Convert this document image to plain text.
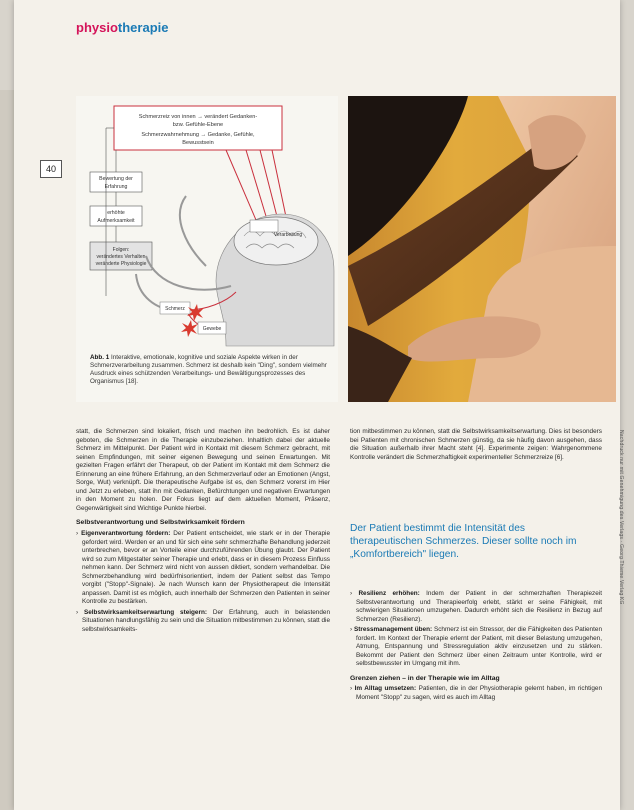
physiotherapie
40
Schmerzreiz von innen → verändert Gedanken-
bzw. Gefühle-Ebene
Schmerzwahrnehmung → Gedanke, Gefühle,
Bewusstsein
Bewertung der
Erfahrung
erhöhte
Aufmerksamkeit
Folgen:
verändertes Verhalten
veränderte Physiologie
Verarbeitung
Schmerz
Gewebe
Abb. 1 Interaktive, emotionale, kognitive und soziale Aspekte wirken in der Schmerzverarbeitung zusammen. Schmerz ist deshalb kein "Ding", sondern vielmehr Ausdruck eines schützenden Verarbeitungs- und Bewältigungsprozesses des Organismus [18].

statt, die Schmerzen sind lokaliert, frisch und machen ihn bedrohlich. Es ist daher geboten, die Schmerzen in die Therapie einzubeziehen. Inhaltlich dabei der aktuelle Schmerz im Mittelpunkt. Der Patient wird in Kontakt mit diesem Schmerz gebracht, mit seinen Empfindungen, mit seiner eigenen Bewegung und seinen Erwartungen. Mit gezielten Fragen erfährt der Therapeut, ob der Patient im Kontakt mit dem Schmerz die Erinnerung an eine frühere Erfahrung, an den Schmerzverlauf oder an Emotionen (Angst, Sorge, Wut) verknüpft. Die therapeutische Aufgabe ist es, den Schmerz vorerst im Hier und Jetzt zu erleben, statt ihn mit Gedanken, Befürchtungen und negativen Erwartungen in den Moment zu holen. Der Fokus liegt auf dem aktuellen Moment, Präsenz, Gegenwärtigkeit sind Wichtige Punkte hierbei.

Selbstverantwortung und Selbstwirksamkeit fördern
› Eigenverantwortung fördern: Der Patient entscheidet, wie stark er in der Therapie gefordert wird. Werden er an und für sich eine sehr schmerzhafte Behandlung jederzeit unterbrechen, bevor er an Vorteile einer durchzuführenden Übung glaubt. Der Patient wird so zum Mitgestalter seiner Therapie und erlebt, dass er in diesem Prozess Einfluss nehmen kann. Der Schmerz wird nicht von aussen diktiert, sondern verhandelbar. Die Schmerzbehandlung wird bedürfnisorientiert, indem der Patient selbst das Tempo vorgibt ("Stopp"-Signale). Je nach Wunsch kann der Physiotherapeut die Intensität anpassen. Damit ist es möglich, auch innerhalb der Schmerzen den Patienten in seiner Kontrolle zu bestärken.
› Selbstwirksamkeitserwartung steigern: Der Erfahrung, auch in belastenden Situationen handlungsfähig zu sein und die Situation mitbestimmen zu können, statt die selbstwirksamkeits-

tion mitbestimmen zu können, statt die Selbstwirksamkeitserwartung. Dies ist besonders bei Patienten mit chronischen Schmerzen günstig, da sie häufig davon ausgehen, dass die Situation außerhalb ihrer Macht steht [4]. Experimente zeigen: Wahrgenommene Kontrolle verändert die Schmerzhaftigkeit experimenteller Schmerzreize [6].

Der Patient bestimmt die Intensität des therapeutischen Schmerzes. Dieser sollte noch im „Komfortbereich" liegen.
› Resilienz erhöhen: Indem der Patient in der schmerzhaften Therapiezeit Selbstverantwortung und Therapieerfolg erlebt, stärkt er seine Fähigkeit, mit schwierigen Situationen umzugehen. Dadurch erhöht sich die Resilienz in Bezug auf Schmerzen (Resilienz).
› Stressmanagement üben: Schmerz ist ein Stressor, der die Fähigkeiten des Patienten fordert. Im Kontext der Therapie erlernt der Patient, mit dieser Belastung umzugehen, Atmung, Entspannung und Stressregulation aktiv einzusetzen und zu stärken. Bekommt der Patient den Schmerz über einen Zeitraum unter Kontrolle, wird er selbstbewusster im Umgang mit ihm.
Grenzen ziehen – in der Therapie wie im Alltag
› Im Alltag umsetzen: Patienten, die in der Physiotherapie gelernt haben, im richtigen Moment "Stopp" zu sagen, wird es auch im Alltag
Nachdruck nur mit Genehmigung des Verlags · Georg Thieme Verlag KG
